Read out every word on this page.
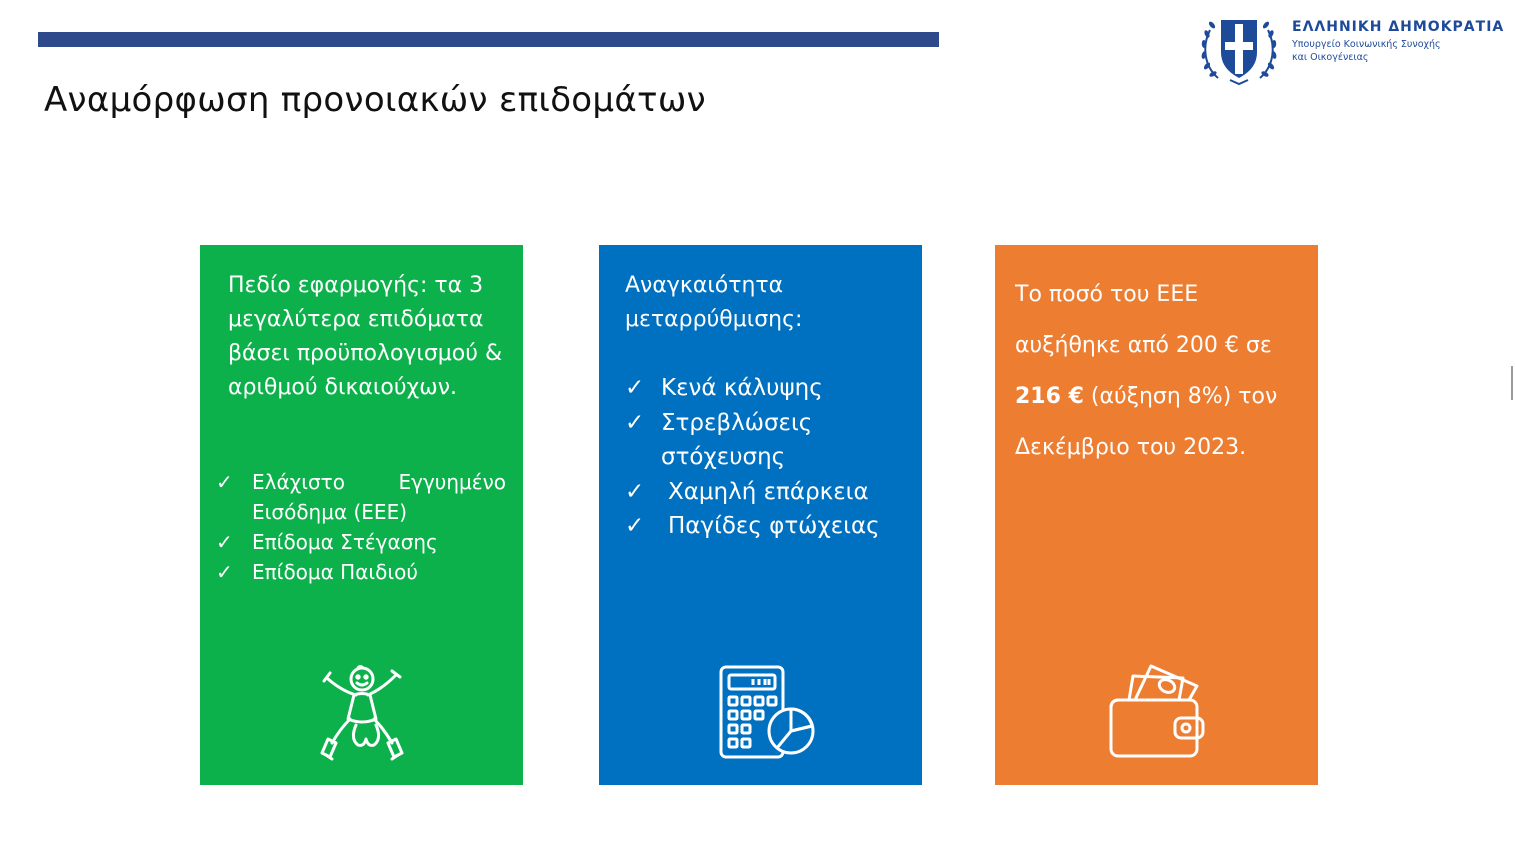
Αναμόρφωση προνοιακών επιδομάτων
ΕΛΛΗΝΙΚΗ ΔΗΜΟΚΡΑΤΙΑ
Υπουργείο Κοινωνικής Συνοχής
και Οικογένειας
Πεδίο εφαρμογής: τα 3 μεγαλύτερα επιδόματα βάσει προϋπολογισμού & αριθμού δικαιούχων.
✓ Ελάχιστο	Εγγυημένο
Εισόδημα (ΕΕΕ)
✓ Επίδομα Στέγασης
✓ Επίδομα Παιδιού
Αναγκαιότητα μεταρρύθμισης:
✓ Κενά κάλυψης
✓ Στρεβλώσεις στόχευσης
✓ Χαμηλή επάρκεια
✓ Παγίδες φτώχειας
Το ποσό του ΕΕΕ αυξήθηκε από 200 € σε 216 € (αύξηση 8%) τον Δεκέμβριο του 2023.
